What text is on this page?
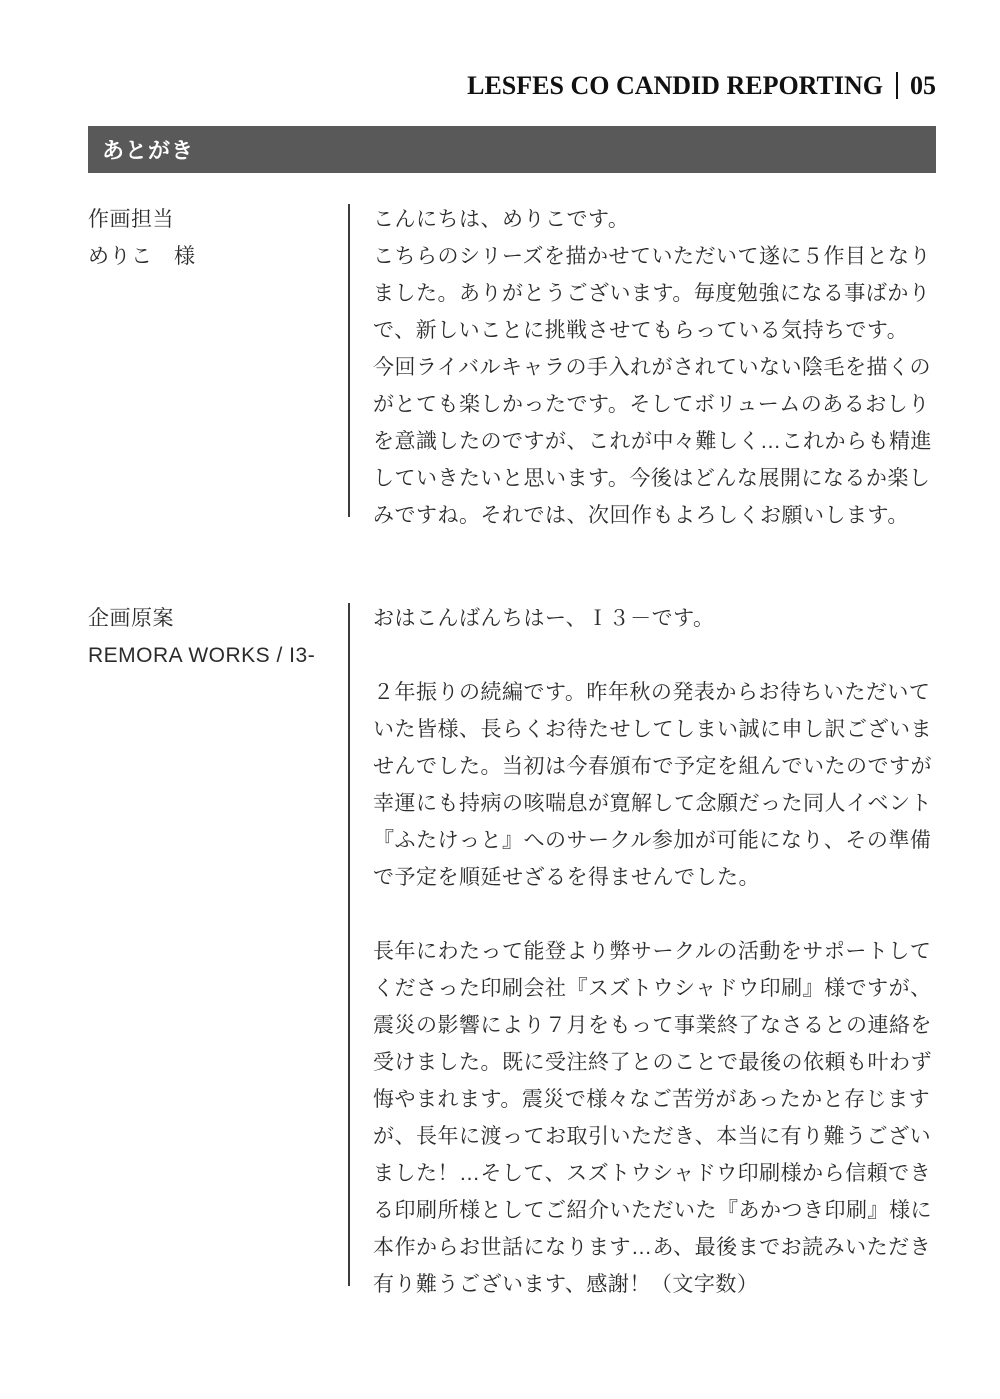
LESFES CO CANDID REPORTING 05
あとがき
作画担当
めりこ　様
こんにちは、めりこです。
こちらのシリーズを描かせていただいて遂に５作目となり
ました。ありがとうございます。毎度勉強になる事ばかり
で、新しいことに挑戦させてもらっている気持ちです。
今回ライバルキャラの手入れがされていない陰毛を描くの
がとても楽しかったです。そしてボリュームのあるおしり
を意識したのですが、これが中々難しく…これからも精進
していきたいと思います。今後はどんな展開になるか楽し
みですね。それでは、次回作もよろしくお願いします。
企画原案
REMORA WORKS / I3-
おはこんばんちはー、Ｉ３－です。

２年振りの続編です。昨年秋の発表からお待ちいただいて
いた皆様、長らくお待たせしてしまい誠に申し訳ございま
せんでした。当初は今春頒布で予定を組んでいたのですが
幸運にも持病の咳喘息が寛解して念願だった同人イベント
『ふたけっと』へのサークル参加が可能になり、その準備
で予定を順延せざるを得ませんでした。

長年にわたって能登より弊サークルの活動をサポートして
くださった印刷会社『スズトウシャドウ印刷』様ですが、
震災の影響により７月をもって事業終了なさるとの連絡を
受けました。既に受注終了とのことで最後の依頼も叶わず
悔やまれます。震災で様々なご苦労があったかと存じます
が、長年に渡ってお取引いただき、本当に有り難うござい
ました！…そして、スズトウシャドウ印刷様から信頼でき
る印刷所様としてご紹介いただいた『あかつき印刷』様に
本作からお世話になります…あ、最後までお読みいただき
有り難うございます、感謝！（文字数）
